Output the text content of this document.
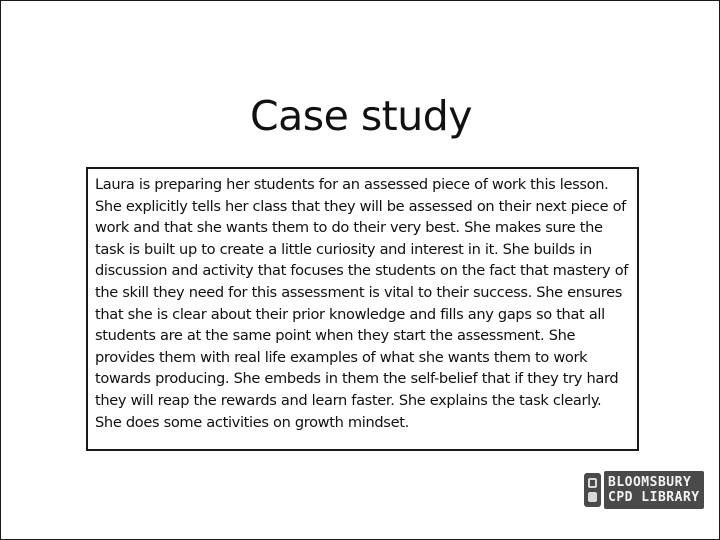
Case study

Laura is preparing her students for an assessed piece of work this lesson. She explicitly tells her class that they will be assessed on their next piece of work and that she wants them to do their very best. She makes sure the task is built up to create a little curiosity and interest in it. She builds in discussion and activity that focuses the students on the fact that mastery of the skill they need for this assessment is vital to their success. She ensures that she is clear about their prior knowledge and fills any gaps so that all students are at the same point when they start the assessment. She provides them with real life examples of what she wants them to work towards producing. She embeds in them the self-belief that if they try hard they will reap the rewards and learn faster. She explains the task clearly. She does some activities on growth mindset.

BLOOMSBURY
CPD LIBRARY
